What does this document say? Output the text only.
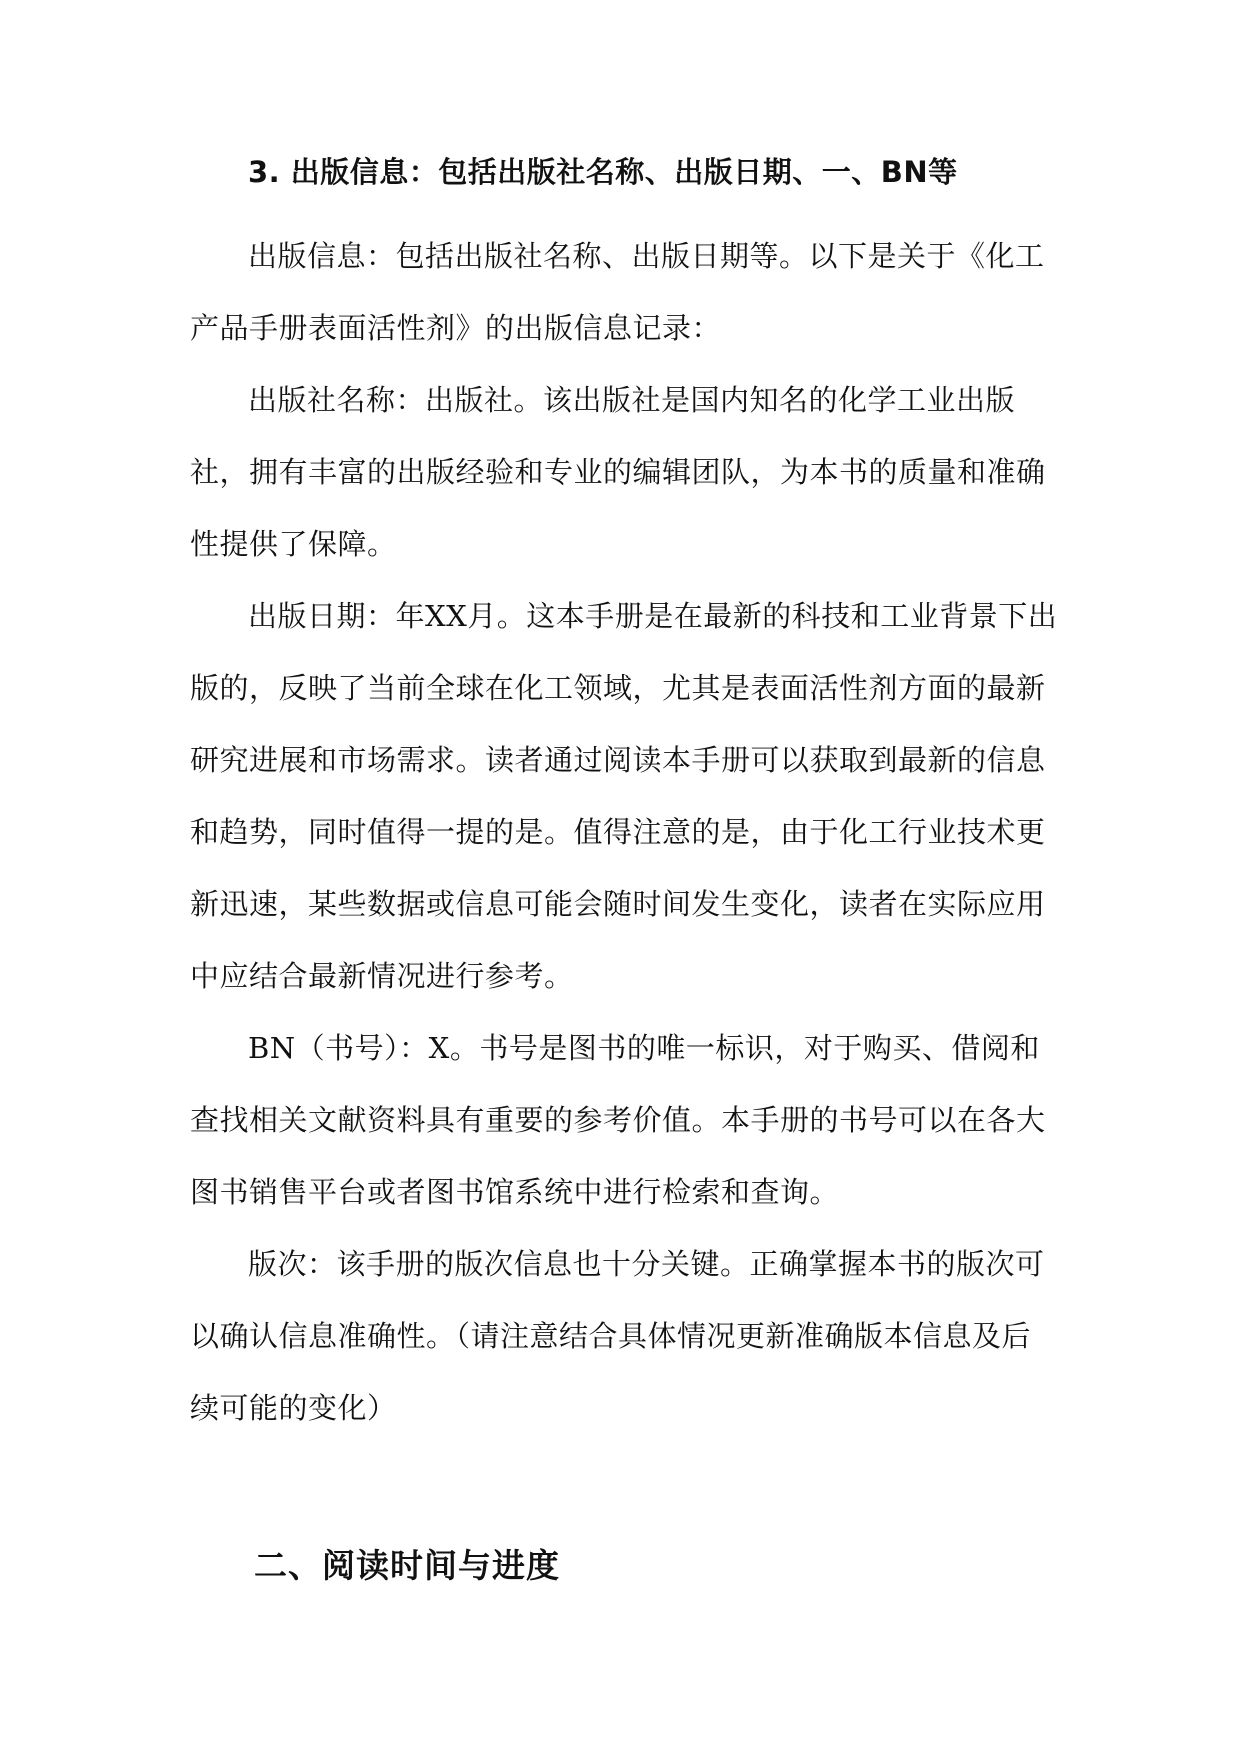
3. 出版信息：包括出版社名称、出版日期、一、BN等

出版信息：包括出版社名称、出版日期等。以下是关于《化工产品手册表面活性剂》的出版信息记录：

出版社名称：出版社。该出版社是国内知名的化学工业出版社，拥有丰富的出版经验和专业的编辑团队，为本书的质量和准确性提供了保障。

出版日期：年XX月。这本手册是在最新的科技和工业背景下出版的，反映了当前全球在化工领域，尤其是表面活性剂方面的最新研究进展和市场需求。读者通过阅读本手册可以获取到最新的信息和趋势，同时值得一提的是。值得注意的是，由于化工行业技术更新迅速，某些数据或信息可能会随时间发生变化，读者在实际应用中应结合最新情况进行参考。

BN（书号）：X。书号是图书的唯一标识，对于购买、借阅和查找相关文献资料具有重要的参考价值。本手册的书号可以在各大图书销售平台或者图书馆系统中进行检索和查询。

版次：该手册的版次信息也十分关键。正确掌握本书的版次可以确认信息准确性。（请注意结合具体情况更新准确版本信息及后续可能的变化）

二、阅读时间与进度
